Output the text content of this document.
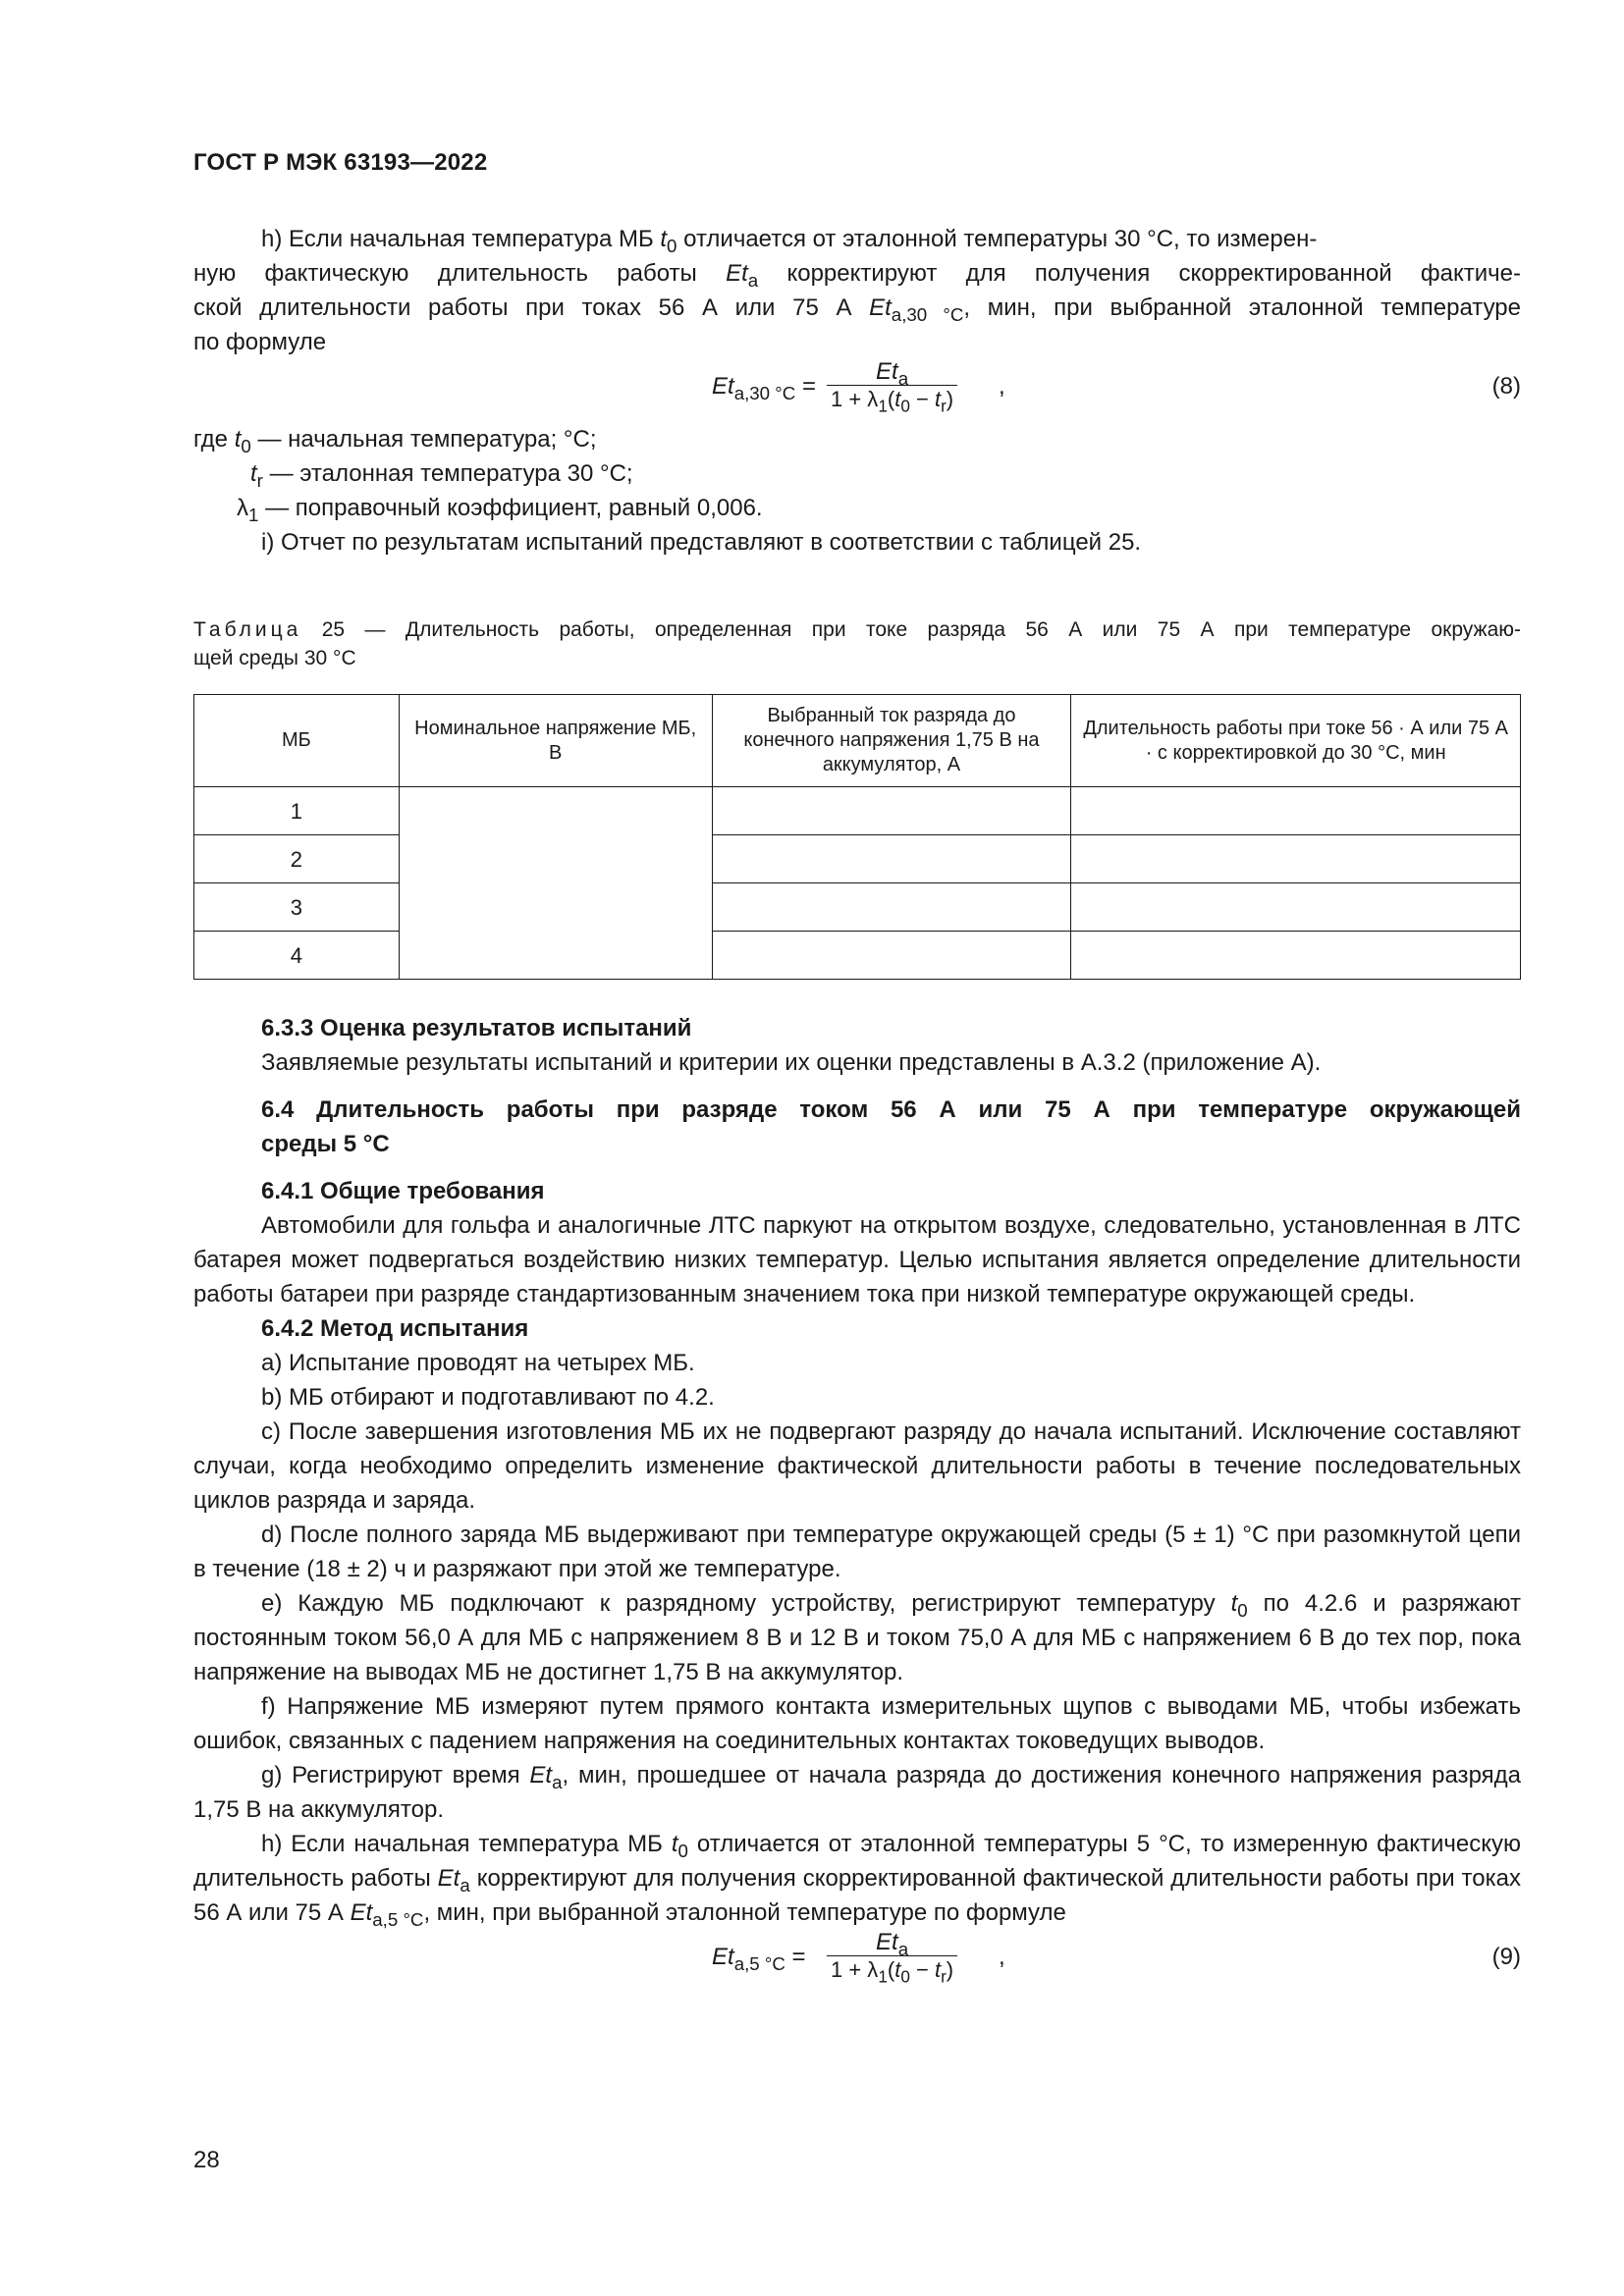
ГОСТ Р МЭК 63193—2022

h) Если начальная температура МБ $t_0$ отличается от эталонной температуры 30 °С, то измерен-

ную фактическую длительность работы $Et_a$ корректируют для получения скорректированной фактиче-

ской длительности работы при токах 56 А или 75 А $Et_{a,30 ^\circ С}$, мин, при выбранной эталонной температуре

по формуле

$Et_{a,30 ^\circ С}$ =
$Et_a$
$1 + \lambda_1(t_0 - t_r)$ ,	(8)

где $t_0$ — начальная температура; °С;

$t_r$ — эталонная температура 30 °С;

$\lambda_1$ — поправочный коэффициент, равный 0,006.

i) Отчет по результатам испытаний представляют в соответствии с таблицей 25.

Таблица 25 — Длительность работы, определенная при токе разряда 56 А или 75 А при температуре окружаю-

щей среды 30 °С

МБ	Номинальное напряжение МБ, В	Выбранный ток разряда до конечного напряжения 1,75 В на аккумулятор, А	Длительность работы при токе 56 · А или 75 А · с корректировкой до 30 °С, мин
1			
2			
3			
4			

6.3.3 Оценка результатов испытаний

Заявляемые результаты испытаний и критерии их оценки представлены в А.3.2 (приложение А).

6.4 Длительность работы при разряде током 56 А или 75 А при температуре окружающей

среды 5 °С

6.4.1 Общие требования

Автомобили для гольфа и аналогичные ЛТС паркуют на открытом воздухе, следовательно, установленная в ЛТС батарея может подвергаться воздействию низких температур. Целью испытания является определение длительности работы батареи при разряде стандартизованным значением тока при низкой температуре окружающей среды.

6.4.2 Метод испытания

a) Испытание проводят на четырех МБ.

b) МБ отбирают и подготавливают по 4.2.

c) После завершения изготовления МБ их не подвергают разряду до начала испытаний. Исключение составляют случаи, когда необходимо определить изменение фактической длительности работы в течение последовательных циклов разряда и заряда.

d) После полного заряда МБ выдерживают при температуре окружающей среды (5 ± 1) °С при разомкнутой цепи в течение (18 ± 2) ч и разряжают при этой же температуре.

e) Каждую МБ подключают к разрядному устройству, регистрируют температуру $t_0$ по 4.2.6 и разряжают постоянным током 56,0 А для МБ с напряжением 8 В и 12 В и током 75,0 А для МБ с напряжением 6 В до тех пор, пока напряжение на выводах МБ не достигнет 1,75 В на аккумулятор.

f) Напряжение МБ измеряют путем прямого контакта измерительных щупов с выводами МБ, чтобы избежать ошибок, связанных с падением напряжения на соединительных контактах токоведущих выводов.

g) Регистрируют время $Et_a$, мин, прошедшее от начала разряда до достижения конечного напряжения разряда 1,75 В на аккумулятор.

h) Если начальная температура МБ $t_0$ отличается от эталонной температуры 5 °С, то измеренную фактическую длительность работы $Et_a$ корректируют для получения скорректированной фактической длительности работы при токах 56 А или 75 А $Et_{a,5 ^\circ С}$, мин, при выбранной эталонной температуре по формуле

$Et_{a,5 ^\circ С}$ =
$Et_a$
$1 + \lambda_1(t_0 - t_r)$ ,	(9)
28
